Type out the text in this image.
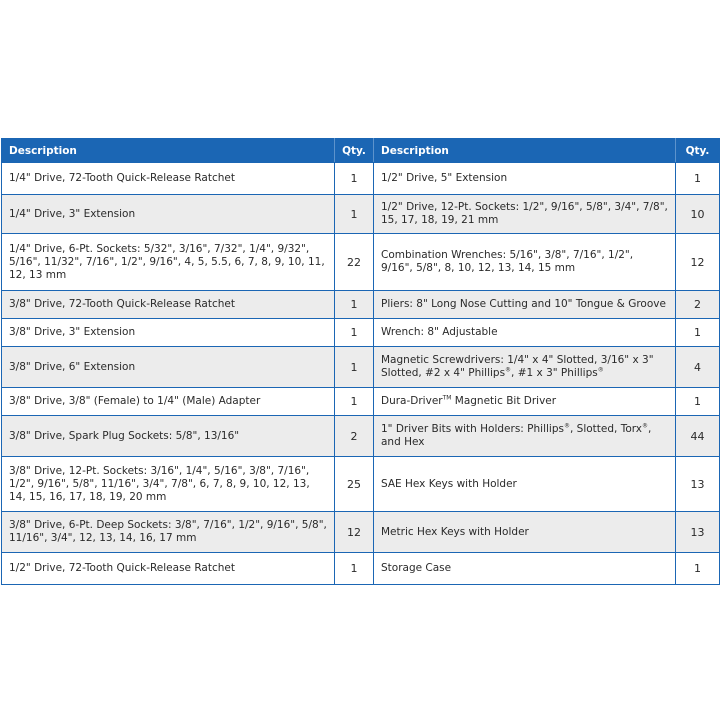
Description	Qty.	Description	Qty.
1/4" Drive, 72-Tooth Quick-Release Ratchet	1	1/2" Drive, 5" Extension	1
1/4" Drive, 3" Extension	1	1/2" Drive, 12-Pt. Sockets: 1/2", 9/16", 5/8", 3/4", 7/8", 15, 17, 18, 19, 21 mm	10
1/4" Drive, 6-Pt. Sockets: 5/32", 3/16", 7/32", 1/4", 9/32", 5/16", 11/32", 7/16", 1/2", 9/16", 4, 5, 5.5, 6, 7, 8, 9, 10, 11, 12, 13 mm	22	Combination Wrenches: 5/16", 3/8", 7/16", 1/2", 9/16", 5/8", 8, 10, 12, 13, 14, 15 mm	12
3/8" Drive, 72-Tooth Quick-Release Ratchet	1	Pliers: 8" Long Nose Cutting and 10" Tongue & Groove	2
3/8" Drive, 3" Extension	1	Wrench: 8" Adjustable	1
3/8" Drive, 6" Extension	1	Magnetic Screwdrivers: 1/4" x 4" Slotted, 3/16" x 3" Slotted, #2 x 4" Phillips®, #1 x 3" Phillips®	4
3/8" Drive, 3/8" (Female) to 1/4" (Male) Adapter	1	Dura-Driver™ Magnetic Bit Driver	1
3/8" Drive, Spark Plug Sockets: 5/8", 13/16"	2	1" Driver Bits with Holders: Phillips®, Slotted, Torx®, and Hex	44
3/8" Drive, 12-Pt. Sockets: 3/16", 1/4", 5/16", 3/8", 7/16", 1/2", 9/16", 5/8", 11/16", 3/4", 7/8", 6, 7, 8, 9, 10, 12, 13, 14, 15, 16, 17, 18, 19, 20 mm	25	SAE Hex Keys with Holder	13
3/8" Drive, 6-Pt. Deep Sockets: 3/8", 7/16", 1/2", 9/16", 5/8", 11/16", 3/4", 12, 13, 14, 16, 17 mm	12	Metric Hex Keys with Holder	13
1/2" Drive, 72-Tooth Quick-Release Ratchet	1	Storage Case	1
